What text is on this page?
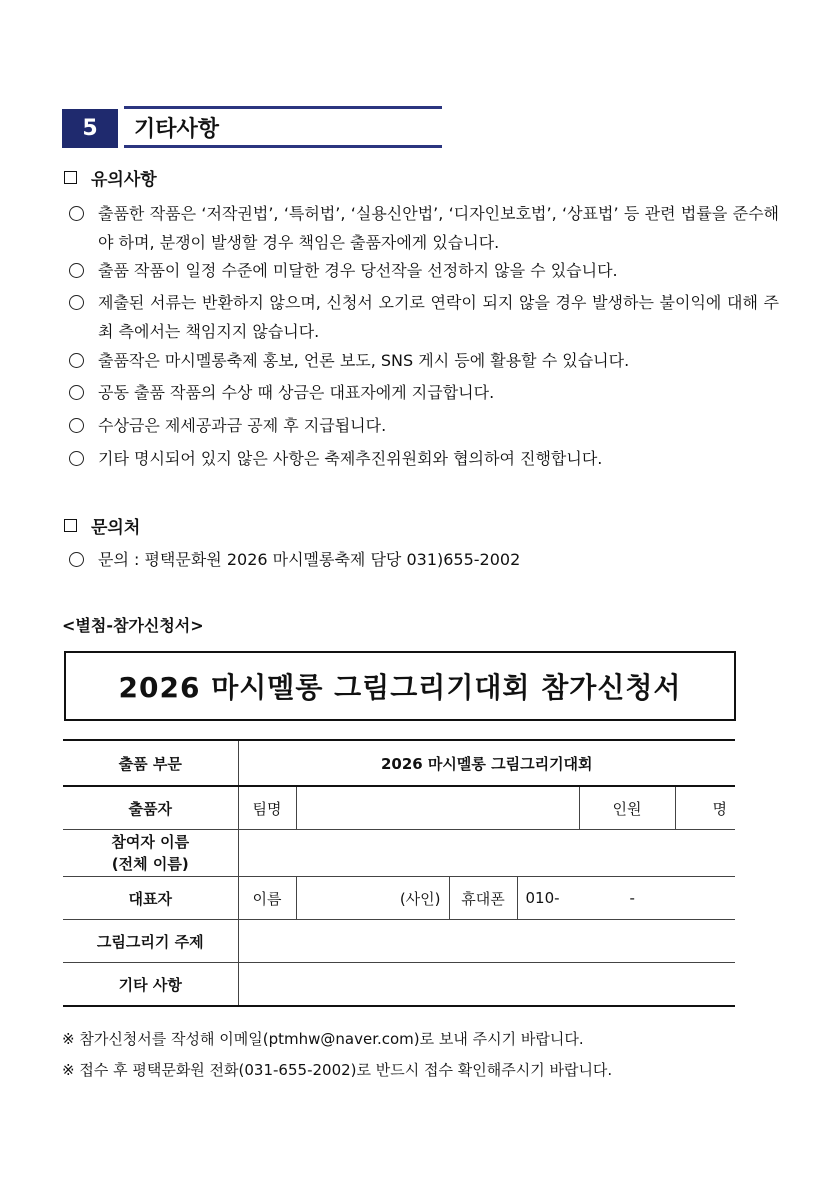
5	기타사항
유의사항
출품한 작품은 ‘저작권법’, ‘특허법’, ‘실용신안법’, ‘디자인보호법’, ‘상표법’ 등 관련 법률을 준수해야 하며, 분쟁이 발생할 경우 책임은 출품자에게 있습니다.
출품 작품이 일정 수준에 미달한 경우 당선작을 선정하지 않을 수 있습니다.
제출된 서류는 반환하지 않으며, 신청서 오기로 연락이 되지 않을 경우 발생하는 불이익에 대해 주최 측에서는 책임지지 않습니다.
출품작은 마시멜롱축제 홍보, 언론 보도, SNS 게시 등에 활용할 수 있습니다.
공동 출품 작품의 수상 때 상금은 대표자에게 지급합니다.
수상금은 제세공과금 공제 후 지급됩니다.
기타 명시되어 있지 않은 사항은 축제추진위원회와 협의하여 진행합니다.
문의처
문의 : 평택문화원 2026 마시멜롱축제 담당 031)655-2002
<별첨-참가신청서>
2026 마시멜롱 그림그리기대회 참가신청서
출품 부문	2026 마시멜롱 그림그리기대회					
출품자	팀명				인원	명

참여자 이름
(전체 이름)						

대표자	이름	(사인)	휴대폰	010- -		
그림그리기 주제						
기타 사항						
※ 참가신청서를 작성해 이메일(ptmhw@naver.com)로 보내 주시기 바랍니다.
※ 접수 후 평택문화원 전화(031-655-2002)로 반드시 접수 확인해주시기 바랍니다.
